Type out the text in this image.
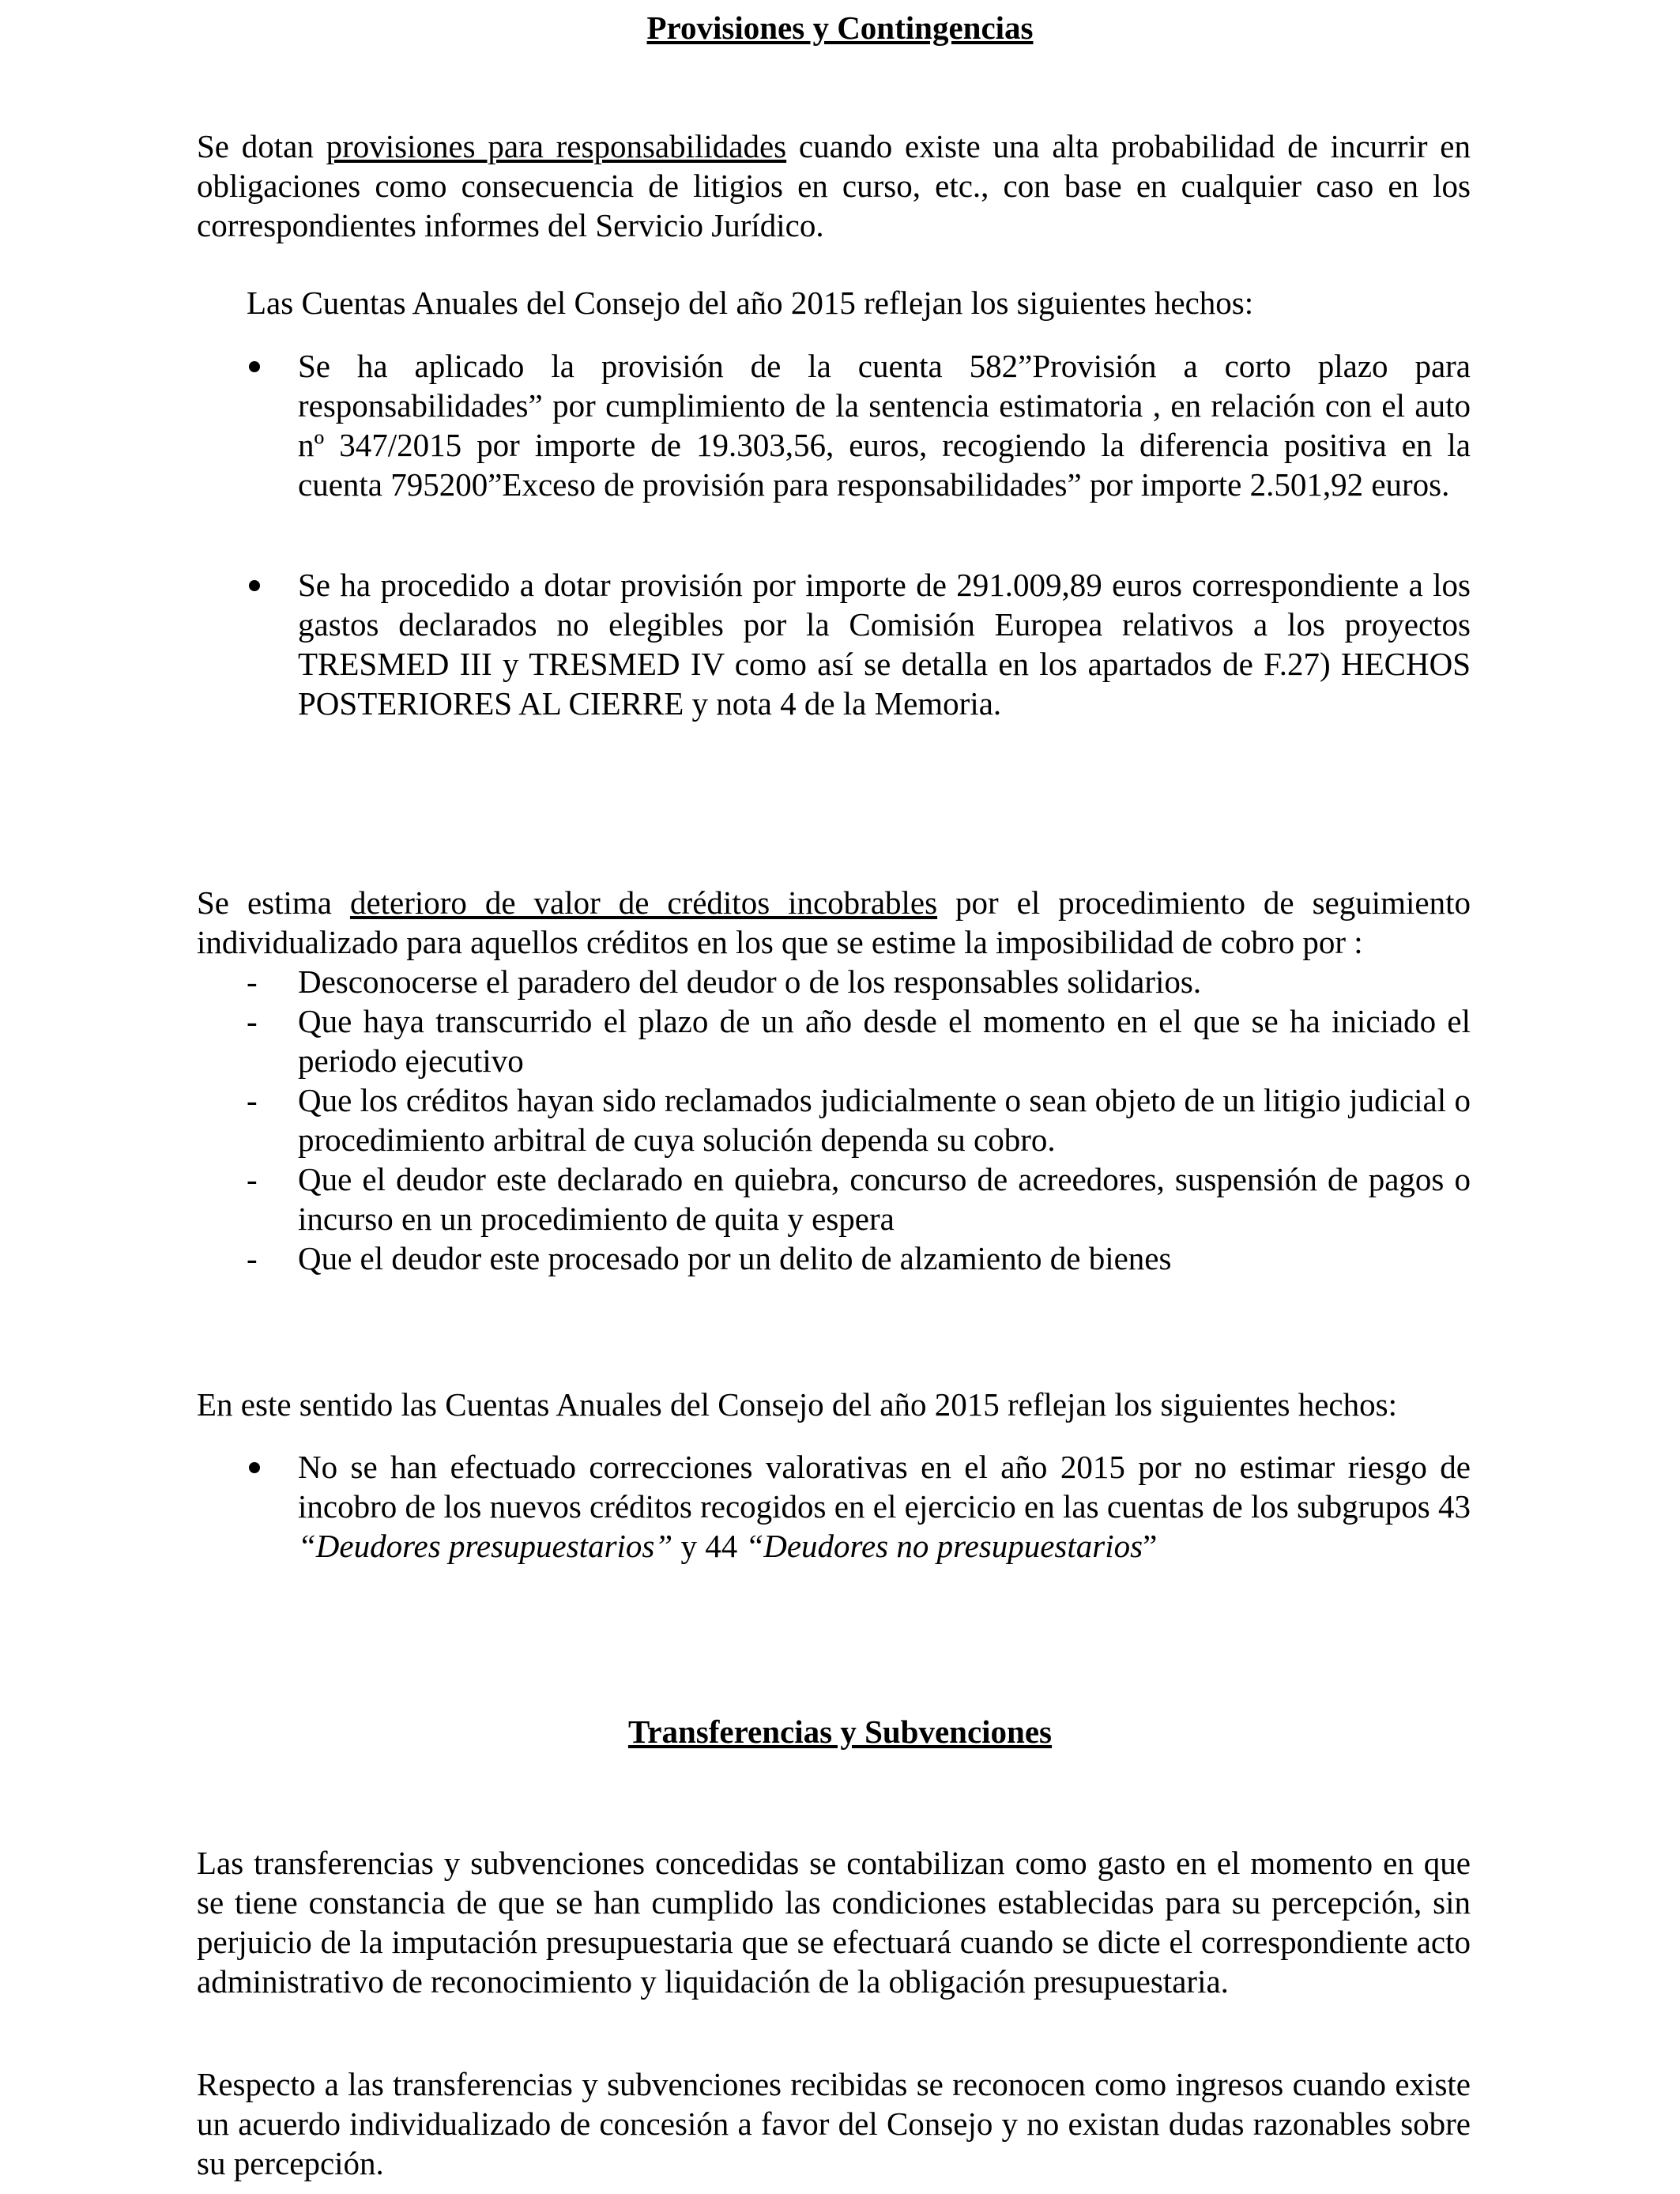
Provisiones y Contingencias

Se dotan provisiones para responsabilidades cuando existe una alta probabilidad de incurrir en obligaciones como consecuencia de litigios en curso, etc., con base en cualquier caso en los correspondientes informes del Servicio Jurídico.

Las Cuentas Anuales del Consejo del año 2015 reflejan los siguientes hechos:

Se ha aplicado la provisión de la cuenta 582”Provisión a corto plazo para responsabilidades” por cumplimiento de la sentencia estimatoria , en relación con el auto nº 347/2015 por importe de 19.303,56, euros, recogiendo la diferencia positiva en la cuenta 795200”Exceso de provisión para responsabilidades” por importe 2.501,92 euros.

Se ha procedido a dotar provisión por importe de 291.009,89 euros correspondiente a los gastos declarados no elegibles por la Comisión Europea relativos a los proyectos TRESMED III y TRESMED IV como así se detalla en los apartados de F.27) HECHOS POSTERIORES AL CIERRE y nota 4 de la Memoria.

Se estima deterioro de valor de créditos incobrables por el procedimiento de seguimiento individualizado para aquellos créditos en los que se estime la imposibilidad de cobro por :

-	Desconocerse el paradero del deudor o de los responsables solidarios.

-	Que haya transcurrido el plazo de un año desde el momento en el que se ha iniciado el periodo ejecutivo

-	Que los créditos hayan sido reclamados judicialmente o sean objeto de un litigio judicial o procedimiento arbitral de cuya solución dependa su cobro.

-	Que el deudor este declarado en quiebra, concurso de acreedores, suspensión de pagos o incurso en un procedimiento de quita y espera

-	Que el deudor este procesado por un delito de alzamiento de bienes

En este sentido las Cuentas Anuales del Consejo del año 2015 reflejan los siguientes hechos:

No se han efectuado correcciones valorativas en el año 2015 por no estimar riesgo de incobro de los nuevos créditos recogidos en el ejercicio en las cuentas de los subgrupos 43 “Deudores presupuestarios” y 44 “Deudores no presupuestarios”

Transferencias y Subvenciones

Las transferencias y subvenciones concedidas se contabilizan como gasto en el momento en que se tiene constancia de que se han cumplido las condiciones establecidas para su percepción, sin perjuicio de la imputación presupuestaria que se efectuará cuando se dicte el correspondiente acto administrativo de reconocimiento y liquidación de la obligación presupuestaria.

Respecto a las transferencias y subvenciones recibidas se reconocen como ingresos cuando existe un acuerdo individualizado de concesión a favor del Consejo y no existan dudas razonables sobre su percepción.
